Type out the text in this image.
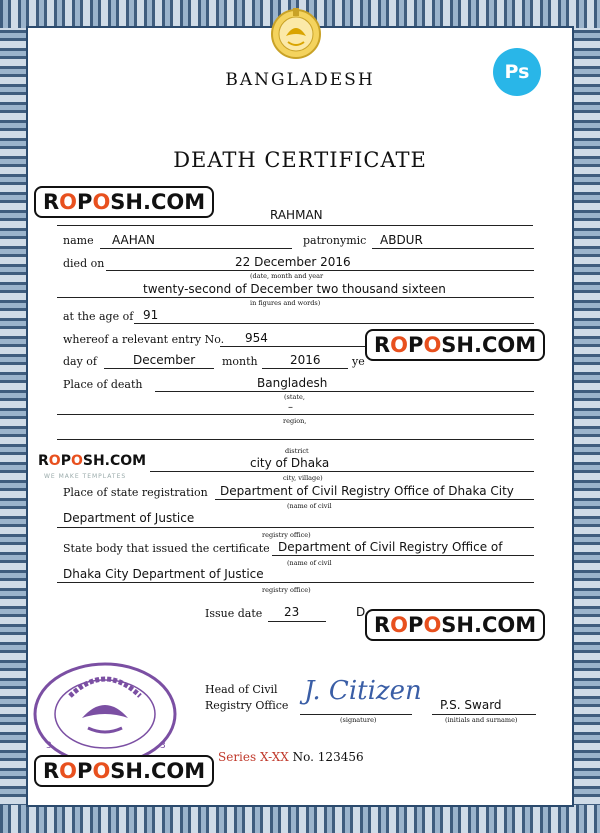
BANGLADESH	Ps
DEATH CERTIFICATE
RAHMAN
name AAHAN	patronymic ABDUR
died on	22 December 2016
(date, month and year
twenty-second of December two thousand sixteen
in figures and words)
at the age of 91
whereof a relevant entry No. 954
day of	December month	2016	ye
Place of death	Bangladesh
(state,
–
region,
district
city of Dhaka
city, village)
Place of state registration Department of Civil Registry Office of Dhaka City
(name of civil
Department of Justice
registry office)
State body that issued the certificate Department of Civil Registry Office of
(name of civil
Dhaka City Department of Justice
registry office)
Issue date 23	D
Head of Civil
Registry Office J. Citizen
(signature)
P.S. Sward
(initials and surname)
3	3
Series X-XX No. 123456
ROPOSH.COM
ROPOSH.COM
ROPOSH.COM
WE MAKE TEMPLATES
ROPOSH.COM
ROPOSH.COM
